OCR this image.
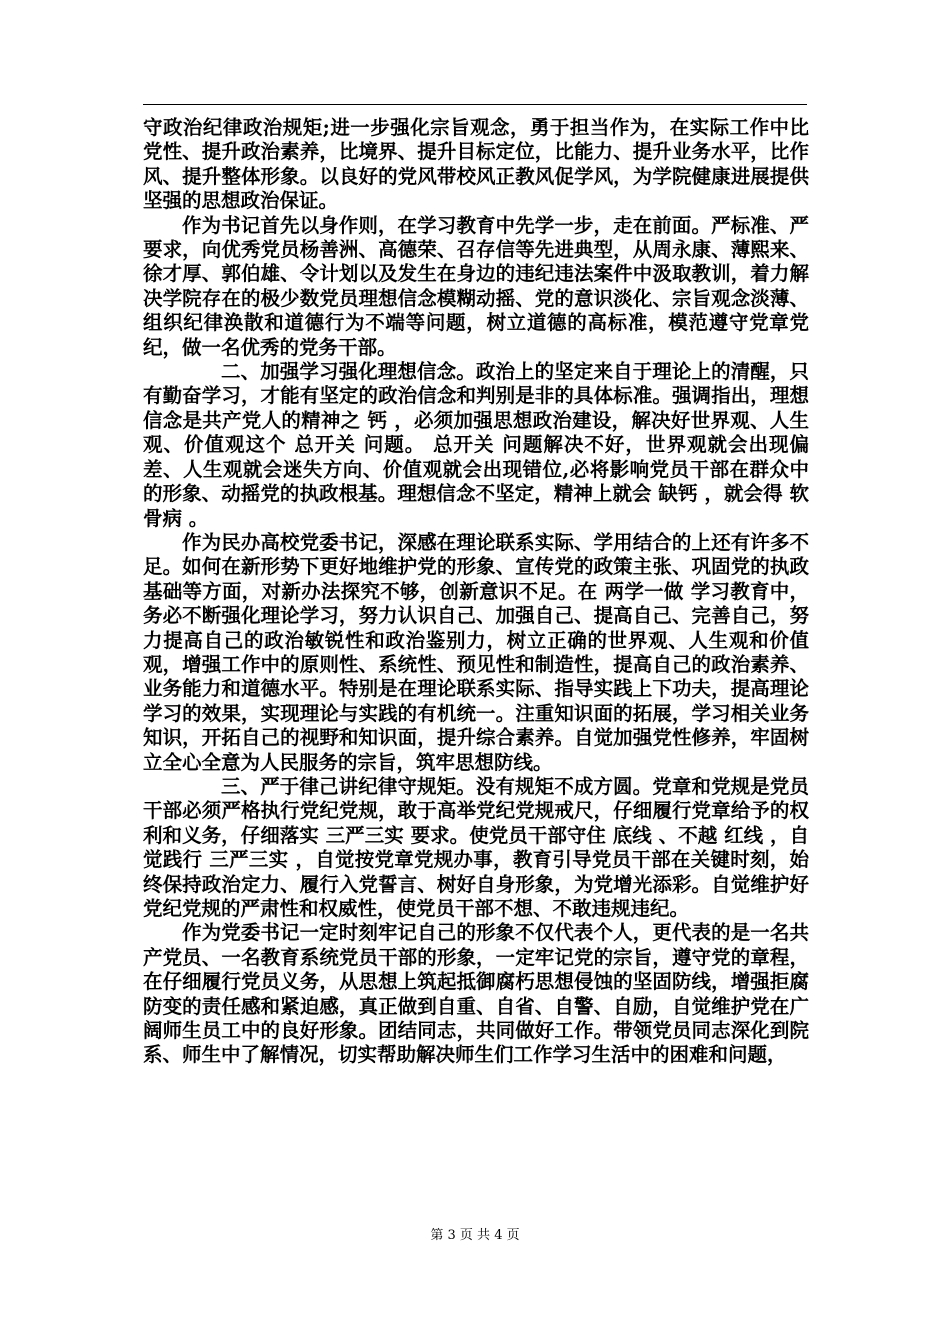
守政治纪律政治规矩;进一步强化宗旨观念，勇于担当作为，在实际工作中比党性、提升政治素养，比境界、提升目标定位，比能力、提升业务水平，比作风、提升整体形象。以良好的党风带校风正教风促学风，为学院健康进展提供坚强的思想政治保证。

作为书记首先以身作则，在学习教育中先学一步，走在前面。严标准、严要求，向优秀党员杨善洲、高德荣、召存信等先进典型，从周永康、薄熙来、徐才厚、郭伯雄、令计划以及发生在身边的违纪违法案件中汲取教训，着力解决学院存在的极少数党员理想信念模糊动摇、党的意识淡化、宗旨观念淡薄、组织纪律涣散和道德行为不端等问题，树立道德的高标准，模范遵守党章党纪，做一名优秀的党务干部。

二、加强学习强化理想信念。政治上的坚定来自于理论上的清醒，只有勤奋学习，才能有坚定的政治信念和判别是非的具体标准。强调指出，理想信念是共产党人的精神之 钙 ，必须加强思想政治建设，解决好世界观、人生观、价值观这个 总开关 问题。 总开关 问题解决不好，世界观就会出现偏差、人生观就会迷失方向、价值观就会出现错位,必将影响党员干部在群众中的形象、动摇党的执政根基。理想信念不坚定，精神上就会 缺钙 ，就会得 软骨病 。

作为民办高校党委书记，深感在理论联系实际、学用结合的上还有许多不足。如何在新形势下更好地维护党的形象、宣传党的政策主张、巩固党的执政基础等方面，对新办法探究不够，创新意识不足。在 两学一做 学习教育中，务必不断强化理论学习，努力认识自己、加强自己、提高自己、完善自己，努力提高自己的政治敏锐性和政治鉴别力，树立正确的世界观、人生观和价值观，增强工作中的原则性、系统性、预见性和制造性，提高自己的政治素养、业务能力和道德水平。特别是在理论联系实际、指导实践上下功夫，提高理论学习的效果，实现理论与实践的有机统一。注重知识面的拓展，学习相关业务知识，开拓自己的视野和知识面，提升综合素养。自觉加强党性修养，牢固树立全心全意为人民服务的宗旨，筑牢思想防线。

三、严于律己讲纪律守规矩。没有规矩不成方圆。党章和党规是党员干部必须严格执行党纪党规，敢于高举党纪党规戒尺，仔细履行党章给予的权利和义务，仔细落实 三严三实 要求。使党员干部守住 底线 、不越 红线 ，自觉践行 三严三实 ，自觉按党章党规办事，教育引导党员干部在关键时刻，始终保持政治定力、履行入党誓言、树好自身形象，为党增光添彩。自觉维护好党纪党规的严肃性和权威性，使党员干部不想、不敢违规违纪。

作为党委书记一定时刻牢记自己的形象不仅代表个人，更代表的是一名共产党员、一名教育系统党员干部的形象，一定牢记党的宗旨，遵守党的章程，在仔细履行党员义务，从思想上筑起抵御腐朽思想侵蚀的坚固防线，增强拒腐防变的责任感和紧迫感，真正做到自重、自省、自警、自励，自觉维护党在广阔师生员工中的良好形象。团结同志，共同做好工作。带领党员同志深化到院系、师生中了解情况，切实帮助解决师生们工作学习生活中的困难和问题，

第 3 页 共 4 页
